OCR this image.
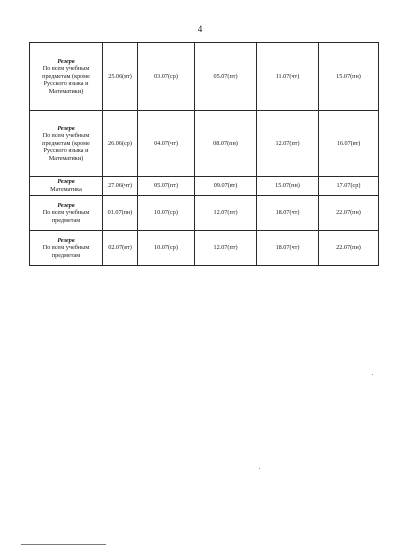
4
Резерв
По всем учебным предметам (кроме Русского языка и Математики)	25.06(вт)	03.07(ср)	05.07(пт)	11.07(чт)	15.07(пн)

Резерв
По всем учебным предметам (кроме Русского языка и Математики)	26.06(ср)	04.07(чт)	08.07(пн)	12.07(пт)	16.07(вт)

Резерв
Математика	27.06(чт)	05.07(пт)	09.07(вт)	15.07(пн)	17.07(ср)

Резерв
По всем учебным предметам	01.07(пн)	10.07(ср)	12.07(пт)	18.07(чт)	22.07(пн)

Резерв
По всем учебным предметам	02.07(вт)	10.07(ср)	12.07(пт)	18.07(чт)	22.07(пн)
